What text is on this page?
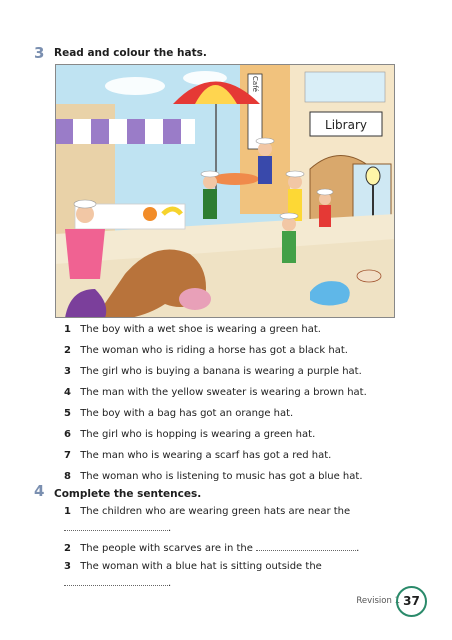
3 Read and colour the hats.
Café
Library
1 The boy with a wet shoe is wearing a green hat.
2 The woman who is riding a horse has got a black hat.
3 The girl who is buying a banana is wearing a purple hat.
4 The man with the yellow sweater is wearing a brown hat.
5 The boy with a bag has got an orange hat.
6 The girl who is hopping is wearing a green hat.
7 The man who is wearing a scarf has got a red hat.
8 The woman who is listening to music has got a blue hat.
4 Complete the sentences.
1 The children who are wearing green hats are near the
.
2 The people with scarves are in the	.
3 The woman with a blue hat is sitting outside the
.
Revision 1 37
